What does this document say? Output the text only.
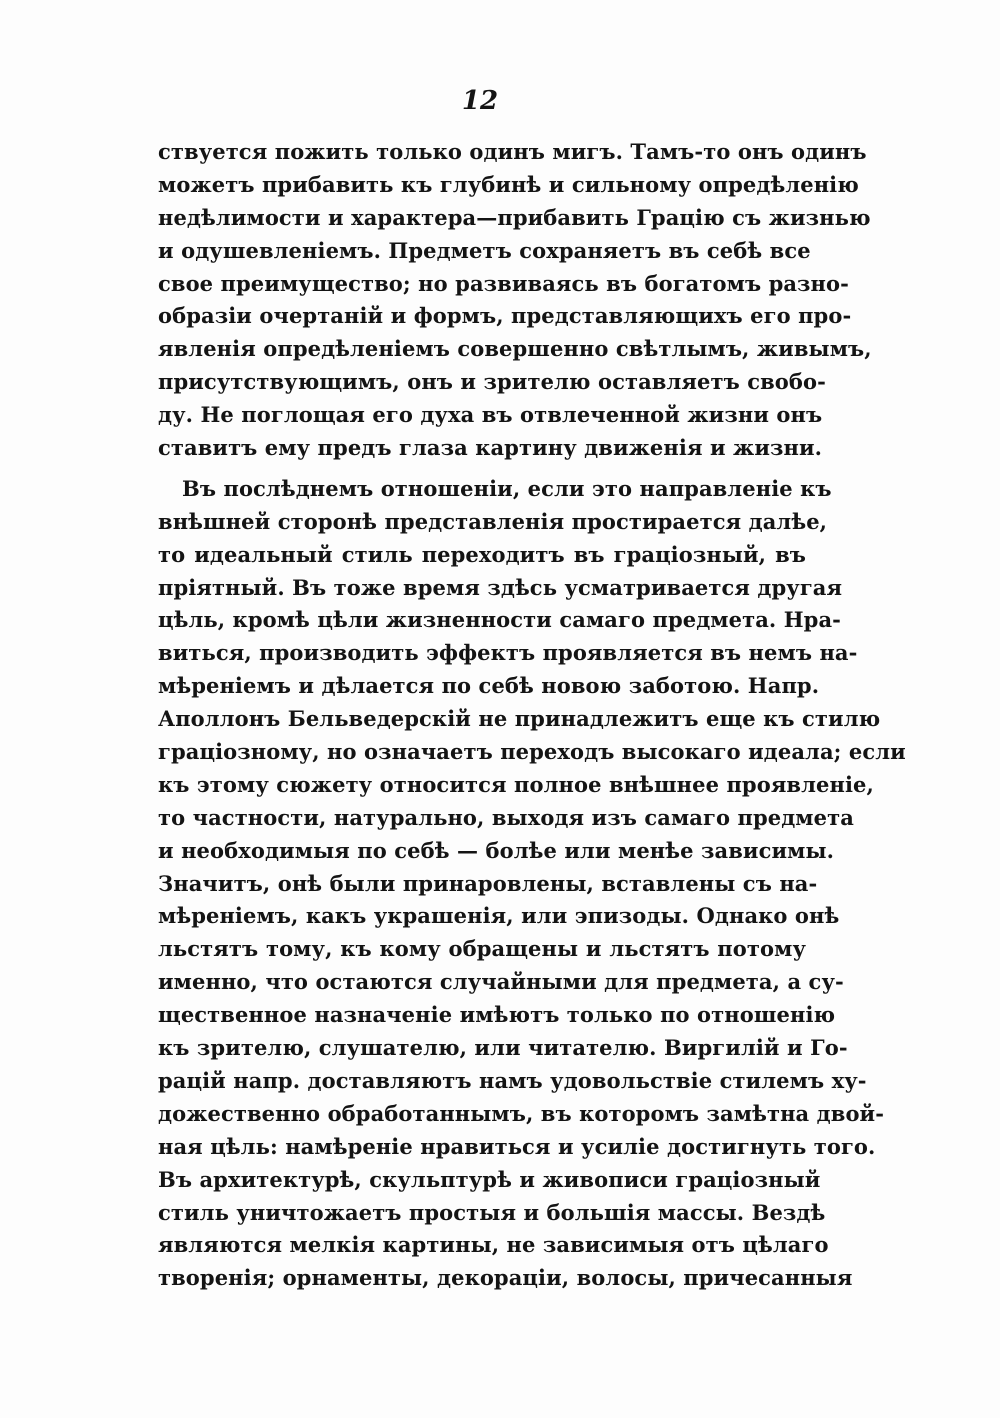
12
ствуется пожить только одинъ мигъ. Тамъ-то онъ одинъ
можетъ прибавить къ глубинѣ и сильному опредѣленію
недѣлимости и характера—прибавить Грацію съ жизнью
и одушевленіемъ. Предметъ сохраняетъ въ себѣ все
свое преимущество; но развиваясь въ богатомъ разно-
образіи очертаній и формъ, представляющихъ его про-
явленія опредѣленіемъ совершенно свѣтлымъ, живымъ,
присутствующимъ, онъ и зрителю оставляетъ свобо-
ду. Не поглощая его духа въ отвлеченной жизни онъ
ставитъ ему предъ глаза картину движенія и жизни.
Въ послѣднемъ отношеніи, если это направленіе къ
внѣшней сторонѣ представленія простирается далѣе,
то идеальный стиль переходитъ въ граціозный, въ
пріятный. Въ тоже время здѣсь усматривается другая
цѣль, кромѣ цѣли жизненности самаго предмета. Нра-
виться, производить эффектъ проявляется въ немъ на-
мѣреніемъ и дѣлается по себѣ новою заботою. Напр.
Аполлонъ Бельведерскій не принадлежитъ еще къ стилю
граціозному, но означаетъ переходъ высокаго идеала; если
къ этому сюжету относится полное внѣшнее проявленіе,
то частности, натурально, выходя изъ самаго предмета
и необходимыя по себѣ — болѣе или менѣе зависимы.
Значитъ, онѣ были принаровлены, вставлены съ на-
мѣреніемъ, какъ украшенія, или эпизоды. Однако онѣ
льстятъ тому, къ кому обращены и льстятъ потому
именно, что остаются случайными для предмета, а су-
щественное назначеніе имѣютъ только по отношенію
къ зрителю, слушателю, или читателю. Виргилій и Го-
рацій напр. доставляютъ намъ удовольствіе стилемъ ху-
дожественно обработаннымъ, въ которомъ замѣтна двой-
ная цѣль: намѣреніе нравиться и усиліе достигнуть того.
Въ архитектурѣ, скульптурѣ и живописи граціозный
стиль уничтожаетъ простыя и большія массы. Вездѣ
являются мелкія картины, не зависимыя отъ цѣлаго
творенія; орнаменты, декораціи, волосы, причесанныя
